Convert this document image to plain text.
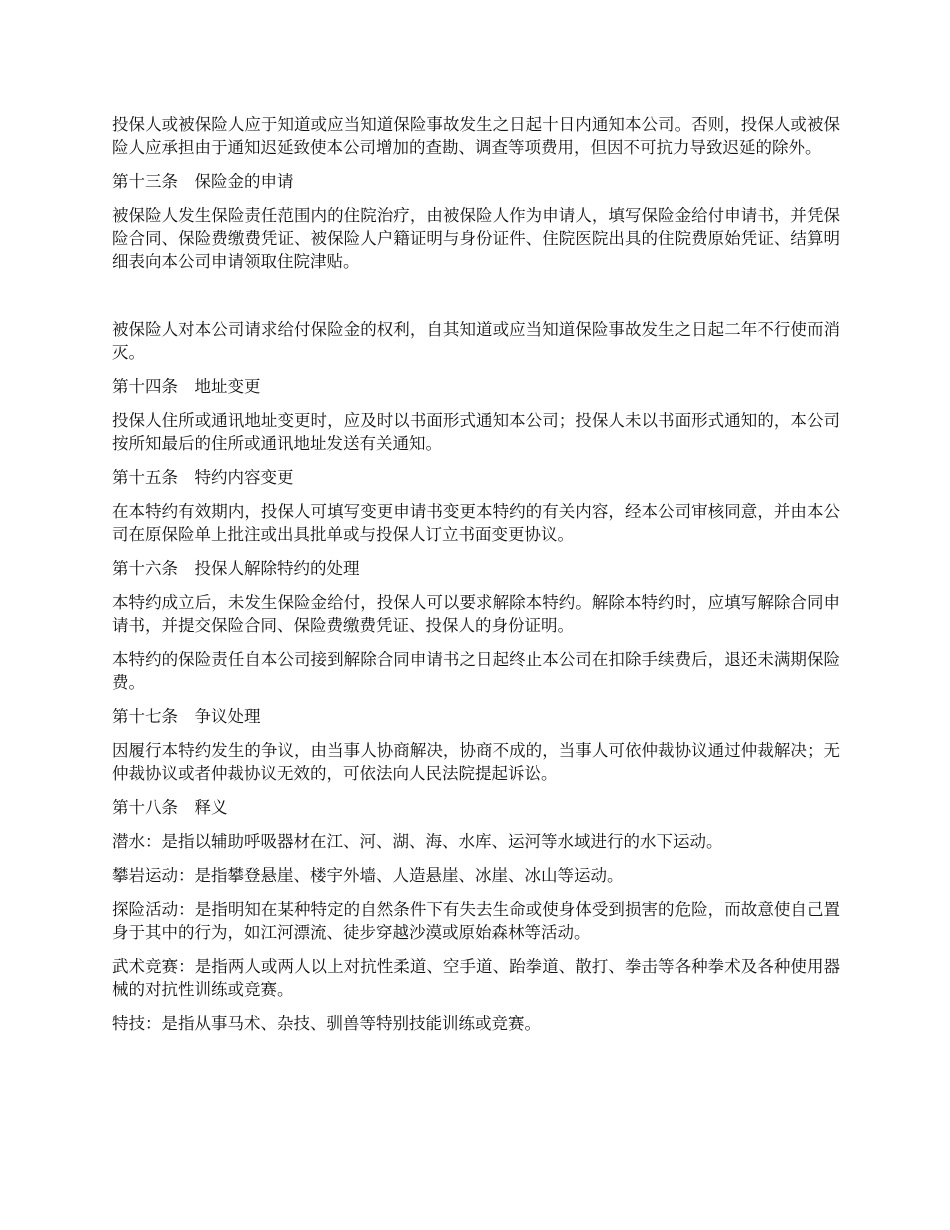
投保人或被保险人应于知道或应当知道保险事故发生之日起十日内通知本公司。否则，投保人或被保险人应承担由于通知迟延致使本公司增加的查勘、调查等项费用，但因不可抗力导致迟延的除外。

第十三条　保险金的申请

被保险人发生保险责任范围内的住院治疗，由被保险人作为申请人，填写保险金给付申请书，并凭保险合同、保险费缴费凭证、被保险人户籍证明与身份证件、住院医院出具的住院费原始凭证、结算明细表向本公司申请领取住院津贴。

被保险人对本公司请求给付保险金的权利，自其知道或应当知道保险事故发生之日起二年不行使而消灭。

第十四条　地址变更

投保人住所或通讯地址变更时，应及时以书面形式通知本公司；投保人未以书面形式通知的，本公司按所知最后的住所或通讯地址发送有关通知。

第十五条　特约内容变更

在本特约有效期内，投保人可填写变更申请书变更本特约的有关内容，经本公司审核同意，并由本公司在原保险单上批注或出具批单或与投保人订立书面变更协议。

第十六条　投保人解除特约的处理

本特约成立后，未发生保险金给付，投保人可以要求解除本特约。解除本特约时，应填写解除合同申请书，并提交保险合同、保险费缴费凭证、投保人的身份证明。

本特约的保险责任自本公司接到解除合同申请书之日起终止本公司在扣除手续费后，退还未满期保险费。

第十七条　争议处理

因履行本特约发生的争议，由当事人协商解决，协商不成的，当事人可依仲裁协议通过仲裁解决；无仲裁协议或者仲裁协议无效的，可依法向人民法院提起诉讼。

第十八条　释义

潜水：是指以辅助呼吸器材在江、河、湖、海、水库、运河等水域进行的水下运动。

攀岩运动：是指攀登悬崖、楼宇外墙、人造悬崖、冰崖、冰山等运动。

探险活动：是指明知在某种特定的自然条件下有失去生命或使身体受到损害的危险，而故意使自己置身于其中的行为，如江河漂流、徒步穿越沙漠或原始森林等活动。

武术竞赛：是指两人或两人以上对抗性柔道、空手道、跆拳道、散打、拳击等各种拳术及各种使用器械的对抗性训练或竞赛。

特技：是指从事马术、杂技、驯兽等特别技能训练或竞赛。
